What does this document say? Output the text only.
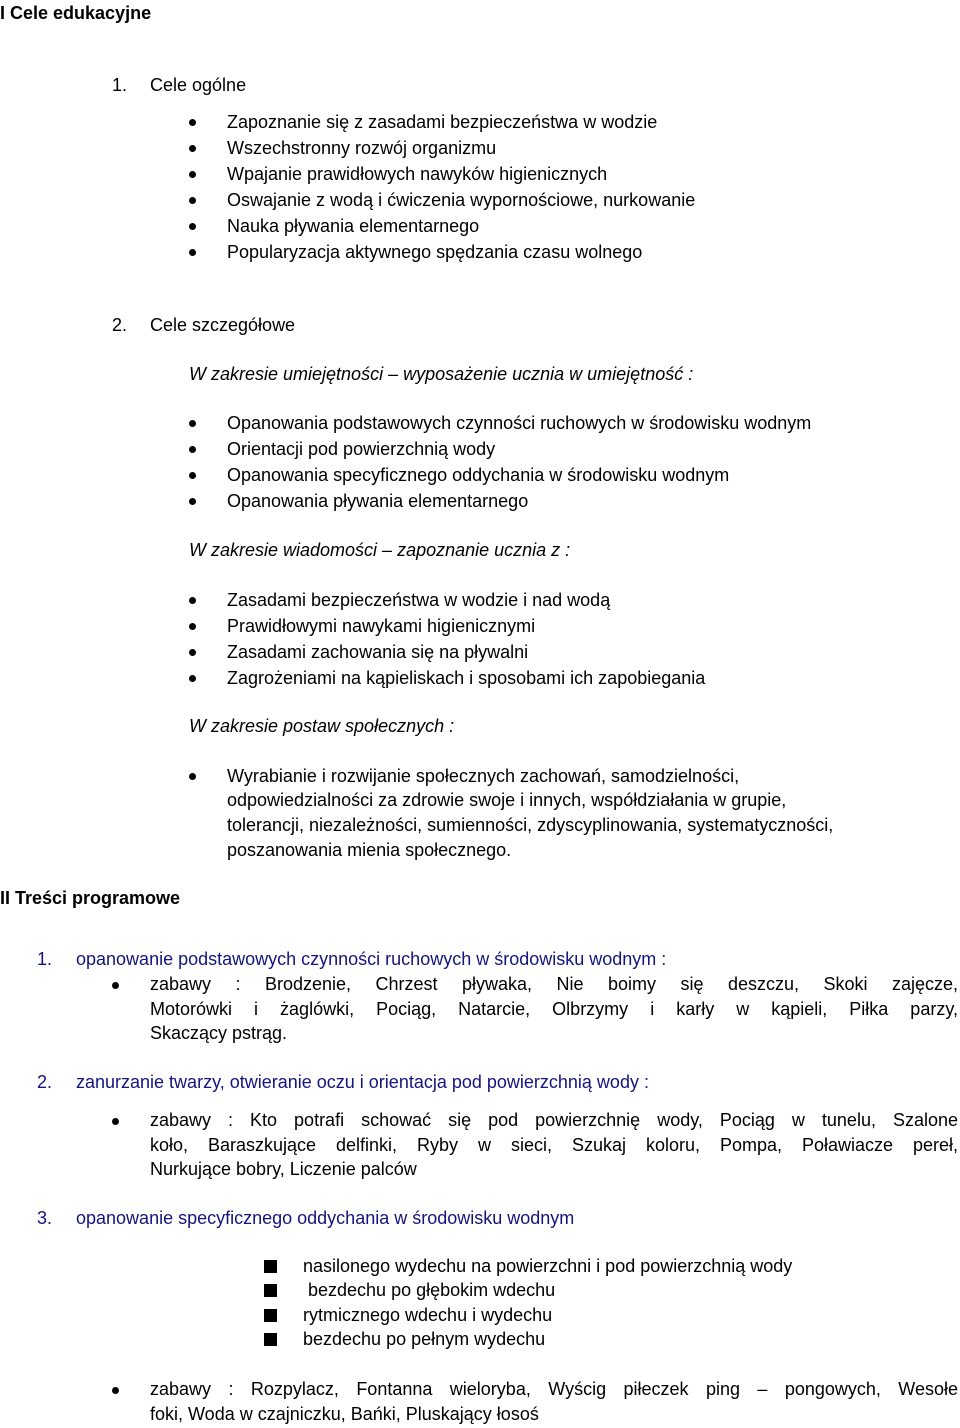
I Cele edukacyjne
1. Cele ogólne
Zapoznanie się z zasadami bezpieczeństwa w wodzie
Wszechstronny rozwój organizmu
Wpajanie prawidłowych nawyków higienicznych
Oswajanie z wodą i ćwiczenia wypornościowe, nurkowanie
Nauka pływania elementarnego
Popularyzacja aktywnego spędzania czasu wolnego
2. Cele szczegółowe
W zakresie umiejętności – wyposażenie ucznia w umiejętność :
Opanowania podstawowych czynności ruchowych w środowisku wodnym
Orientacji pod powierzchnią wody
Opanowania specyficznego oddychania w środowisku wodnym
Opanowania pływania elementarnego
W zakresie wiadomości – zapoznanie ucznia z :
Zasadami bezpieczeństwa w wodzie i nad wodą
Prawidłowymi nawykami higienicznymi
Zasadami zachowania się na pływalni
Zagrożeniami na kąpieliskach i sposobami ich zapobiegania
W zakresie postaw społecznych :
Wyrabianie i rozwijanie społecznych zachowań, samodzielności,
odpowiedzialności za zdrowie swoje i innych, współdziałania w grupie,
tolerancji, niezależności, sumienności, zdyscyplinowania, systematyczności,
poszanowania mienia społecznego.
II Treści programowe
1. opanowanie podstawowych czynności ruchowych w środowisku wodnym :
zabawy : Brodzenie, Chrzest pływaka, Nie boimy się deszczu, Skoki zajęcze,
Motorówki i żaglówki, Pociąg, Natarcie, Olbrzymy i karły w kąpieli, Piłka parzy,
Skaczący pstrąg.
2. zanurzanie twarzy, otwieranie oczu i orientacja pod powierzchnią wody :
zabawy : Kto potrafi schować się pod powierzchnię wody, Pociąg w tunelu, Szalone
koło, Baraszkujące delfinki, Ryby w sieci, Szukaj koloru, Pompa, Poławiacze pereł,
Nurkujące bobry, Liczenie palców
3. opanowanie specyficznego oddychania w środowisku wodnym
nasilonego wydechu na powierzchni i pod powierzchnią wody
bezdechu po głębokim wdechu
rytmicznego wdechu i wydechu
bezdechu po pełnym wydechu
zabawy : Rozpylacz, Fontanna wieloryba, Wyścig piłeczek ping – pongowych, Wesołe
foki, Woda w czajniczku, Bańki, Pluskający łosoś
